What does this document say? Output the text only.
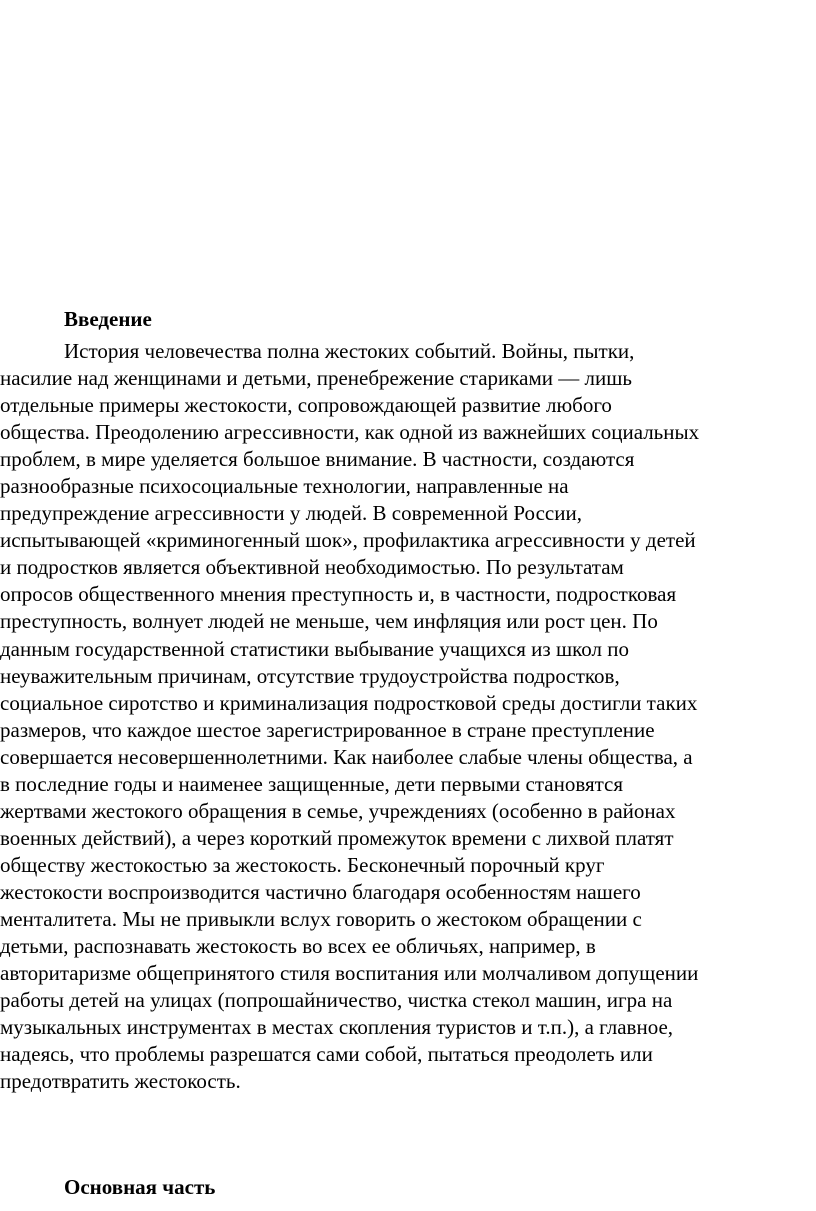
Введение
История человечества полна жестоких событий. Войны, пытки,
насилие над женщинами и детьми, пренебрежение стариками — лишь
отдельные примеры жестокости, сопровождающей развитие любого
общества. Преодолению агрессивности, как одной из важнейших социальных
проблем, в мире уделяется большое внимание. В частности, создаются
разнообразные психосоциальные технологии, направленные на
предупреждение агрессивности у людей. В современной России,
испытывающей «криминогенный шок», профилактика агрессивности у детей
и подростков является объективной необходимостью. По результатам
опросов общественного мнения преступность и, в частности, подростковая
преступность, волнует людей не меньше, чем инфляция или рост цен. По
данным государственной статистики выбывание учащихся из школ по
неуважительным причинам, отсутствие трудоустройства подростков,
социальное сиротство и криминализация подростковой среды достигли таких
размеров, что каждое шестое зарегистрированное в стране преступление
совершается несовершеннолетними. Как наиболее слабые члены общества, а
в последние годы и наименее защищенные, дети первыми становятся
жертвами жестокого обращения в семье, учреждениях (особенно в районах
военных действий), а через короткий промежуток времени с лихвой платят
обществу жестокостью за жестокость. Бесконечный порочный круг
жестокости воспроизводится частично благодаря особенностям нашего
менталитета. Мы не привыкли вслух говорить о жестоком обращении с
детьми, распознавать жестокость во всех ее обличьях, например, в
авторитаризме общепринятого стиля воспитания или молчаливом допущении
работы детей на улицах (попрошайничество, чистка стекол машин, игра на
музыкальных инструментах в местах скопления туристов и т.п.), а главное,
надеясь, что проблемы разрешатся сами собой, пытаться преодолеть или
предотвратить жестокость.
Основная часть
